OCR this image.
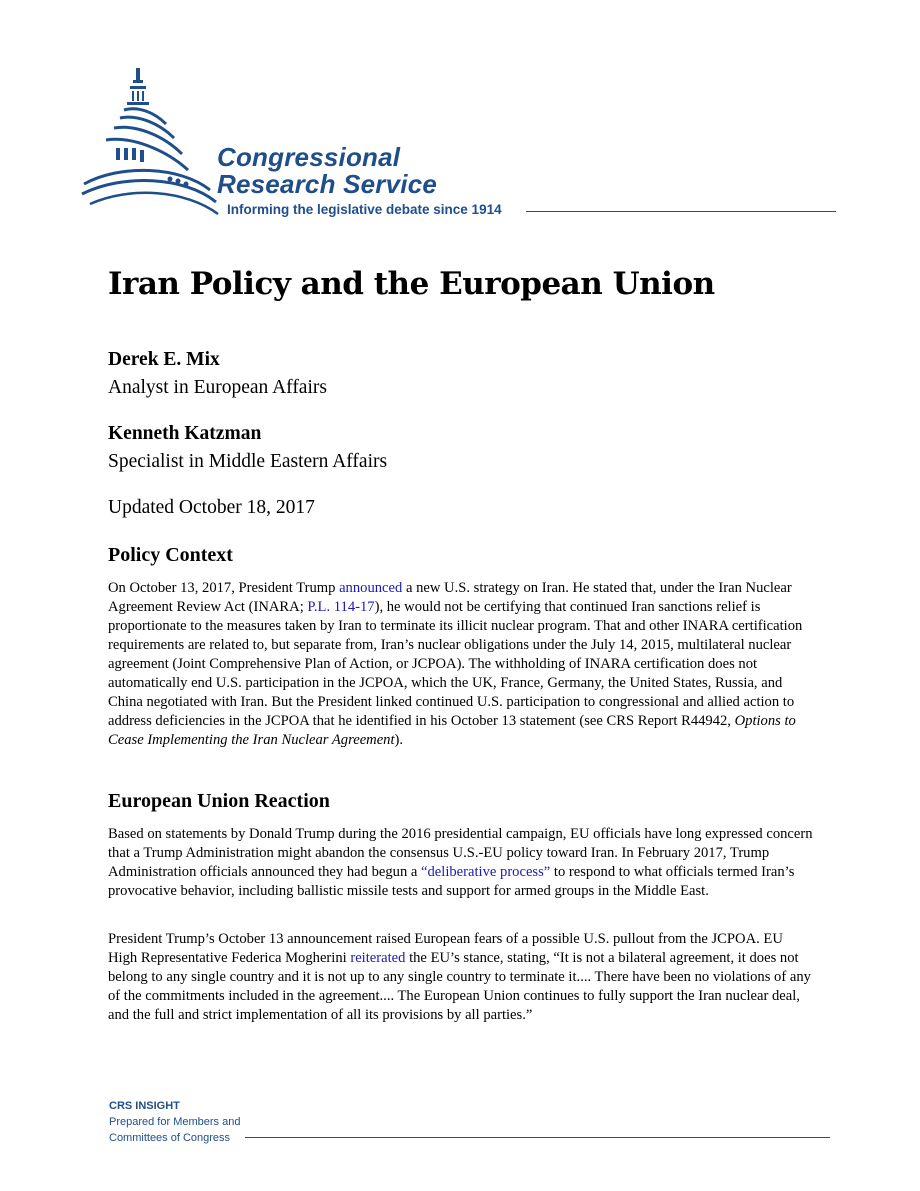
Congressional
Research Service
Informing the legislative debate since 1914
Iran Policy and the European Union

Derek E. Mix

Analyst in European Affairs

Kenneth Katzman

Specialist in Middle Eastern Affairs

Updated October 18, 2017

Policy Context

On October 13, 2017, President Trump announced a new U.S. strategy on Iran. He stated that, under the Iran Nuclear Agreement Review Act (INARA; P.L. 114-17), he would not be certifying that continued Iran sanctions relief is proportionate to the measures taken by Iran to terminate its illicit nuclear program. That and other INARA certification requirements are related to, but separate from, Iran’s nuclear obligations under the July 14, 2015, multilateral nuclear agreement (Joint Comprehensive Plan of Action, or JCPOA). The withholding of INARA certification does not automatically end U.S. participation in the JCPOA, which the UK, France, Germany, the United States, Russia, and China negotiated with Iran. But the President linked continued U.S. participation to congressional and allied action to address deficiencies in the JCPOA that he identified in his October 13 statement (see CRS Report R44942, Options to Cease Implementing the Iran Nuclear Agreement).

European Union Reaction

Based on statements by Donald Trump during the 2016 presidential campaign, EU officials have long expressed concern that a Trump Administration might abandon the consensus U.S.-EU policy toward Iran. In February 2017, Trump Administration officials announced they had begun a “deliberative process” to respond to what officials termed Iran’s provocative behavior, including ballistic missile tests and support for armed groups in the Middle East.

President Trump’s October 13 announcement raised European fears of a possible U.S. pullout from the JCPOA. EU High Representative Federica Mogherini reiterated the EU’s stance, stating, “It is not a bilateral agreement, it does not belong to any single country and it is not up to any single country to terminate it.... There have been no violations of any of the commitments included in the agreement.... The European Union continues to fully support the Iran nuclear deal, and the full and strict implementation of all its provisions by all parties.”

CRS INSIGHT
Prepared for Members and
Committees of Congress
